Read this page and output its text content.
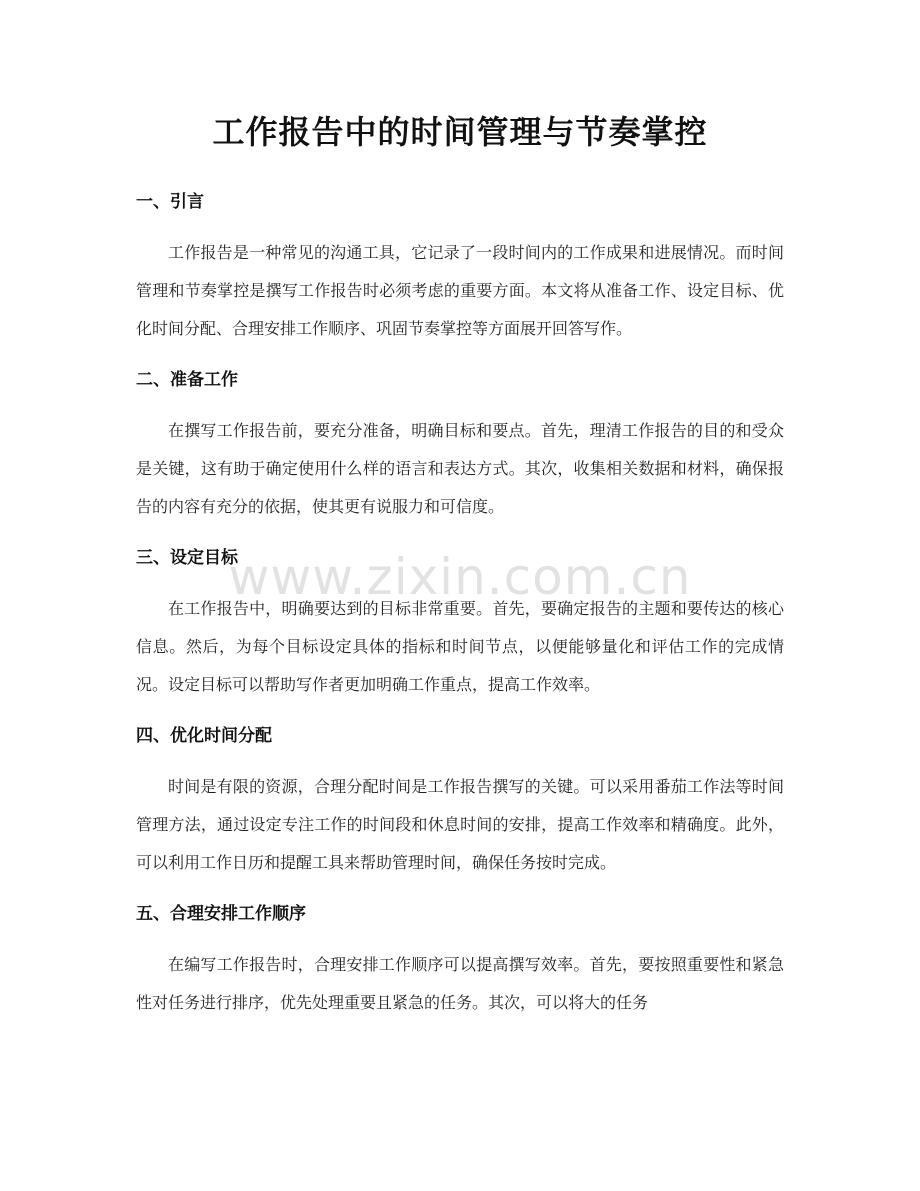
工作报告中的时间管理与节奏掌控
一、引言

工作报告是一种常见的沟通工具，它记录了一段时间内的工作成果和进展情况。而时间管理和节奏掌控是撰写工作报告时必须考虑的重要方面。本文将从准备工作、设定目标、优化时间分配、合理安排工作顺序、巩固节奏掌控等方面展开回答写作。

二、准备工作

在撰写工作报告前，要充分准备，明确目标和要点。首先，理清工作报告的目的和受众是关键，这有助于确定使用什么样的语言和表达方式。其次，收集相关数据和材料，确保报告的内容有充分的依据，使其更有说服力和可信度。

三、设定目标

在工作报告中，明确要达到的目标非常重要。首先，要确定报告的主题和要传达的核心信息。然后，为每个目标设定具体的指标和时间节点，以便能够量化和评估工作的完成情况。设定目标可以帮助写作者更加明确工作重点，提高工作效率。

四、优化时间分配

时间是有限的资源，合理分配时间是工作报告撰写的关键。可以采用番茄工作法等时间管理方法，通过设定专注工作的时间段和休息时间的安排，提高工作效率和精确度。此外，可以利用工作日历和提醒工具来帮助管理时间，确保任务按时完成。

五、合理安排工作顺序

在编写工作报告时，合理安排工作顺序可以提高撰写效率。首先，要按照重要性和紧急性对任务进行排序，优先处理重要且紧急的任务。其次，可以将大的任务

www.zixin.com.cn
